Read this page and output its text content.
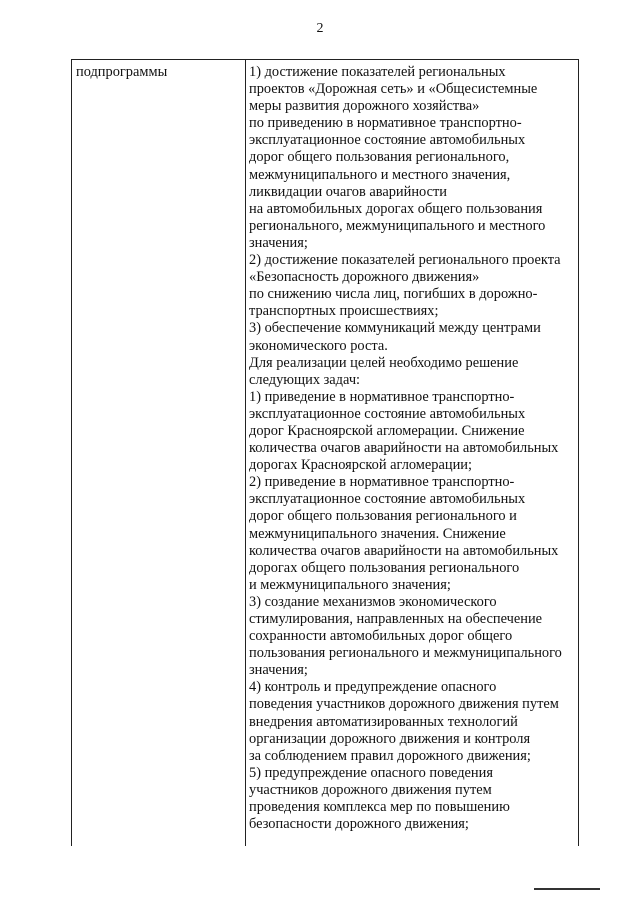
2
подпрограммы	1) достижение показателей региональных
проектов «Дорожная сеть» и «Общесистемные
меры развития дорожного хозяйства»
по приведению в нормативное транспортно-
эксплуатационное состояние автомобильных
дорог общего пользования регионального,
межмуниципального и местного значения,
ликвидации очагов аварийности
на автомобильных дорогах общего пользования
регионального, межмуниципального и местного
значения;
2) достижение показателей регионального проекта
«Безопасность дорожного движения»
по снижению числа лиц, погибших в дорожно-
транспортных происшествиях;
3) обеспечение коммуникаций между центрами
экономического роста.
Для реализации целей необходимо решение
следующих задач:
1) приведение в нормативное транспортно-
эксплуатационное состояние автомобильных
дорог Красноярской агломерации. Снижение
количества очагов аварийности на автомобильных
дорогах Красноярской агломерации;
2) приведение в нормативное транспортно-
эксплуатационное состояние автомобильных
дорог общего пользования регионального и
межмуниципального значения. Снижение
количества очагов аварийности на автомобильных
дорогах общего пользования регионального
и межмуниципального значения;
3) создание механизмов экономического
стимулирования, направленных на обеспечение
сохранности автомобильных дорог общего
пользования регионального и межмуниципального
значения;
4) контроль и предупреждение опасного
поведения участников дорожного движения путем
внедрения автоматизированных технологий
организации дорожного движения и контроля
за соблюдением правил дорожного движения;
5) предупреждение опасного поведения
участников дорожного движения путем
проведения комплекса мер по повышению
безопасности дорожного движения;
